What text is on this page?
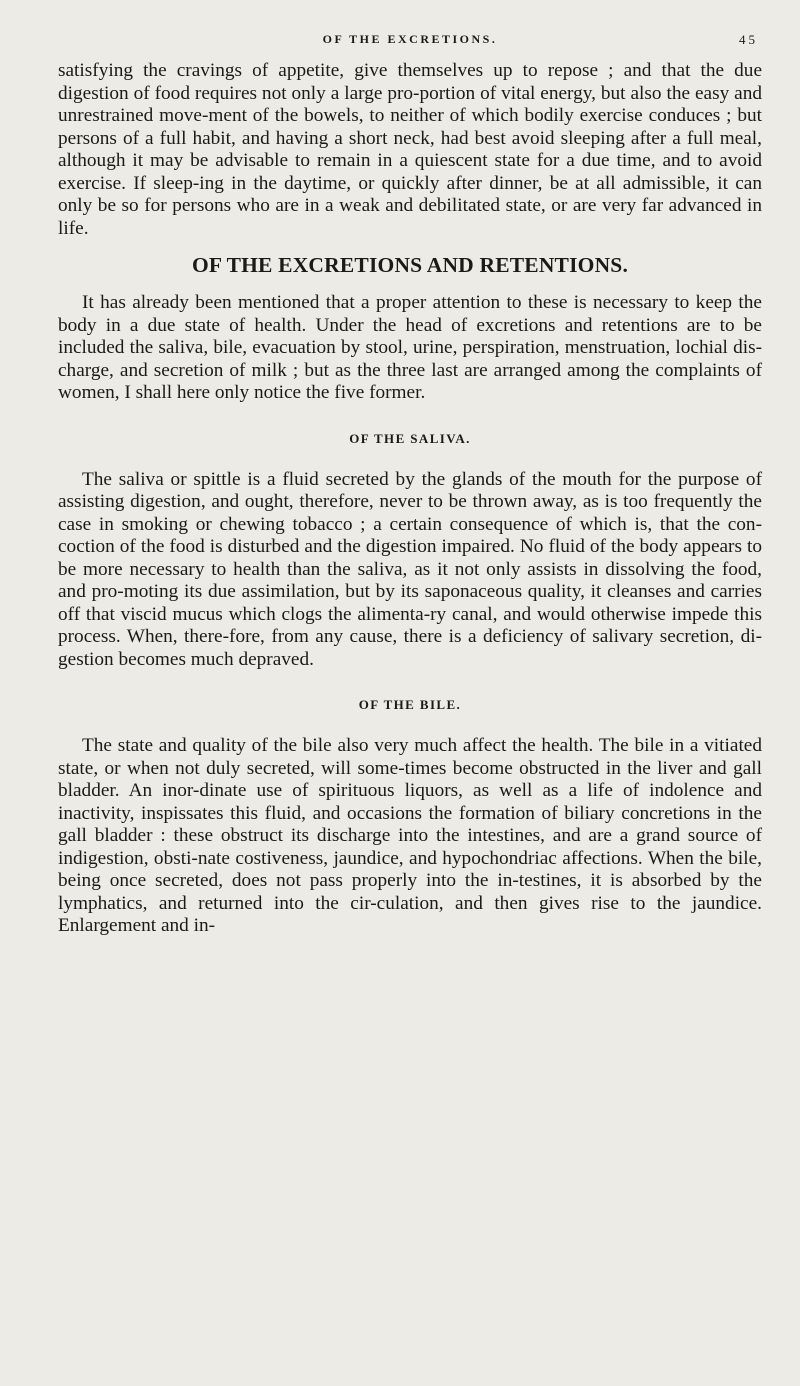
OF THE EXCRETIONS.	45

satisfying the cravings of appetite, give themselves up to repose ; and that the due digestion of food requires not only a large pro-portion of vital energy, but also the easy and unrestrained move-ment of the bowels, to neither of which bodily exercise conduces ; but persons of a full habit, and having a short neck, had best avoid sleeping after a full meal, although it may be advisable to remain in a quiescent state for a due time, and to avoid exercise. If sleep-ing in the daytime, or quickly after dinner, be at all admissible, it can only be so for persons who are in a weak and debilitated state, or are very far advanced in life.

OF THE EXCRETIONS AND RETENTIONS.

It has already been mentioned that a proper attention to these is necessary to keep the body in a due state of health. Under the head of excretions and retentions are to be included the saliva, bile, evacuation by stool, urine, perspiration, menstruation, lochial dis-charge, and secretion of milk ; but as the three last are arranged among the complaints of women, I shall here only notice the five former.

OF THE SALIVA.

The saliva or spittle is a fluid secreted by the glands of the mouth for the purpose of assisting digestion, and ought, therefore, never to be thrown away, as is too frequently the case in smoking or chewing tobacco ; a certain consequence of which is, that the con-coction of the food is disturbed and the digestion impaired. No fluid of the body appears to be more necessary to health than the saliva, as it not only assists in dissolving the food, and pro-moting its due assimilation, but by its saponaceous quality, it cleanses and carries off that viscid mucus which clogs the alimenta-ry canal, and would otherwise impede this process. When, there-fore, from any cause, there is a deficiency of salivary secretion, di-gestion becomes much depraved.

OF THE BILE.

The state and quality of the bile also very much affect the health. The bile in a vitiated state, or when not duly secreted, will some-times become obstructed in the liver and gall bladder. An inor-dinate use of spirituous liquors, as well as a life of indolence and inactivity, inspissates this fluid, and occasions the formation of biliary concretions in the gall bladder : these obstruct its discharge into the intestines, and are a grand source of indigestion, obsti-nate costiveness, jaundice, and hypochondriac affections. When the bile, being once secreted, does not pass properly into the in-testines, it is absorbed by the lymphatics, and returned into the cir-culation, and then gives rise to the jaundice. Enlargement and in-
